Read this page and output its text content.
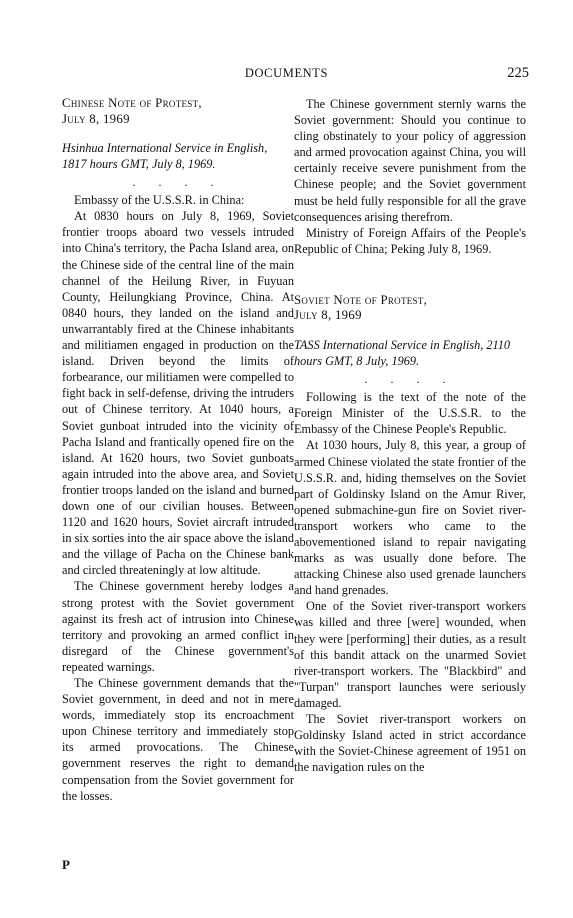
DOCUMENTS	225
Chinese Note of Protest,
July 8, 1969

Hsinhua International Service in English, 1817 hours GMT, July 8, 1969.

. . . .

Embassy of the U.S.S.R. in China:

At 0830 hours on July 8, 1969, Soviet frontier troops aboard two vessels intruded into China's territory, the Pacha Island area, on the Chinese side of the central line of the main channel of the Heilung River, in Fuyuan County, Heilungkiang Province, China. At 0840 hours, they landed on the island and unwarrantably fired at the Chinese inhabitants and militiamen engaged in production on the island. Driven beyond the limits of forbearance, our militiamen were compelled to fight back in self-defense, driving the intruders out of Chinese territory. At 1040 hours, a Soviet gunboat intruded into the vicinity of Pacha Island and frantically opened fire on the island. At 1620 hours, two Soviet gunboats again intruded into the above area, and Soviet frontier troops landed on the island and burned down one of our civilian houses. Between 1120 and 1620 hours, Soviet aircraft intruded in six sorties into the air space above the island and the village of Pacha on the Chinese bank and circled threateningly at low altitude.

The Chinese government hereby lodges a strong protest with the Soviet government against its fresh act of intrusion into Chinese territory and provoking an armed conflict in disregard of the Chinese government's repeated warnings.

The Chinese government demands that the Soviet government, in deed and not in mere words, immediately stop its encroachment upon Chinese territory and immediately stop its armed provocations. The Chinese government reserves the right to demand compensation from the Soviet government for the losses.

The Chinese government sternly warns the Soviet government: Should you continue to cling obstinately to your policy of aggression and armed provocation against China, you will certainly receive severe punishment from the Chinese people; and the Soviet government must be held fully responsible for all the grave consequences arising therefrom.

Ministry of Foreign Affairs of the People's Republic of China; Peking July 8, 1969.

Soviet Note of Protest,
July 8, 1969

TASS International Service in English, 2110 hours GMT, 8 July, 1969.

. . . .

Following is the text of the note of the Foreign Minister of the U.S.S.R. to the Embassy of the Chinese People's Republic.

At 1030 hours, July 8, this year, a group of armed Chinese violated the state frontier of the U.S.S.R. and, hiding themselves on the Soviet part of Goldinsky Island on the Amur River, opened submachine-gun fire on Soviet river-transport workers who came to the abovementioned island to repair navigating marks as was usually done before. The attacking Chinese also used grenade launchers and hand grenades.

One of the Soviet river-transport workers was killed and three [were] wounded, when they were [performing] their duties, as a result of this bandit attack on the unarmed Soviet river-transport workers. The "Blackbird" and "Turpan" transport launches were seriously damaged.

The Soviet river-transport workers on Goldinsky Island acted in strict accordance with the Soviet-Chinese agreement of 1951 on the navigation rules on the

P
